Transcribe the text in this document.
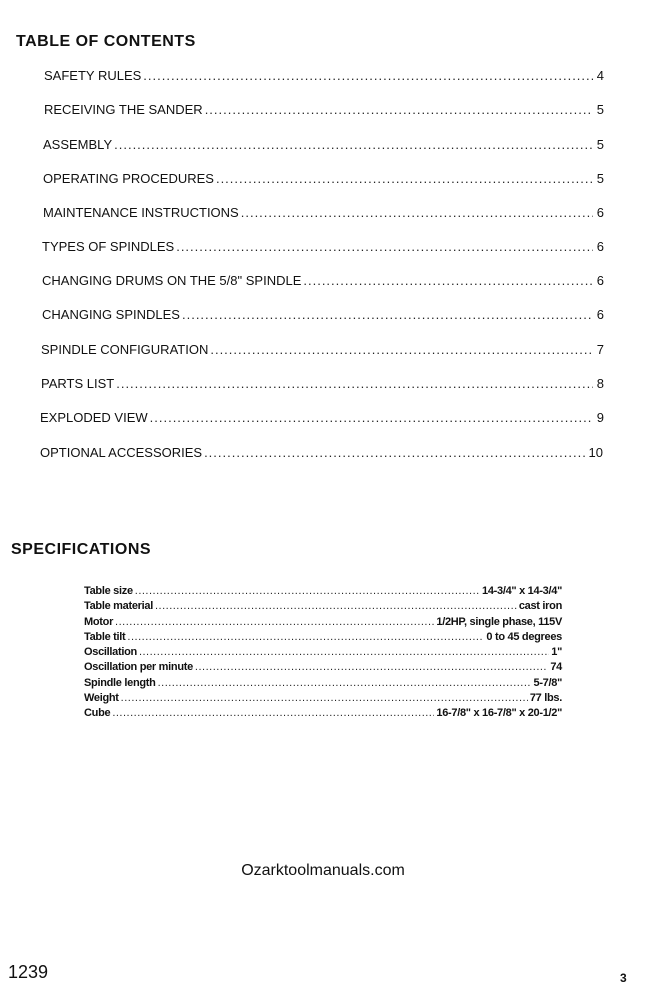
TABLE OF CONTENTS
SAFETY RULES .....	4
RECEIVING THE SANDER .....	5
ASSEMBLY .....	5
OPERATING PROCEDURES .....	5
MAINTENANCE INSTRUCTIONS .....	6
TYPES OF SPINDLES .....	6
CHANGING DRUMS ON THE 5/8" SPINDLE .....	6
CHANGING SPINDLES .....	6
SPINDLE CONFIGURATION .....	7
PARTS LIST .....	8
EXPLODED VIEW .....	9
OPTIONAL ACCESSORIES .....	10
SPECIFICATIONS
Table size .....	14-3/4" x 14-3/4"
Table material .....	cast iron
Motor .....	1/2HP, single phase, 115V
Table tilt .....	0 to 45 degrees
Oscillation .....	1"
Oscillation per minute .....	74
Spindle length .....	5-7/8"
Weight .....	77 lbs.
Cube .....	16-7/8" x 16-7/8" x 20-1/2"
Ozarktoolmanuals.com
1239	3
